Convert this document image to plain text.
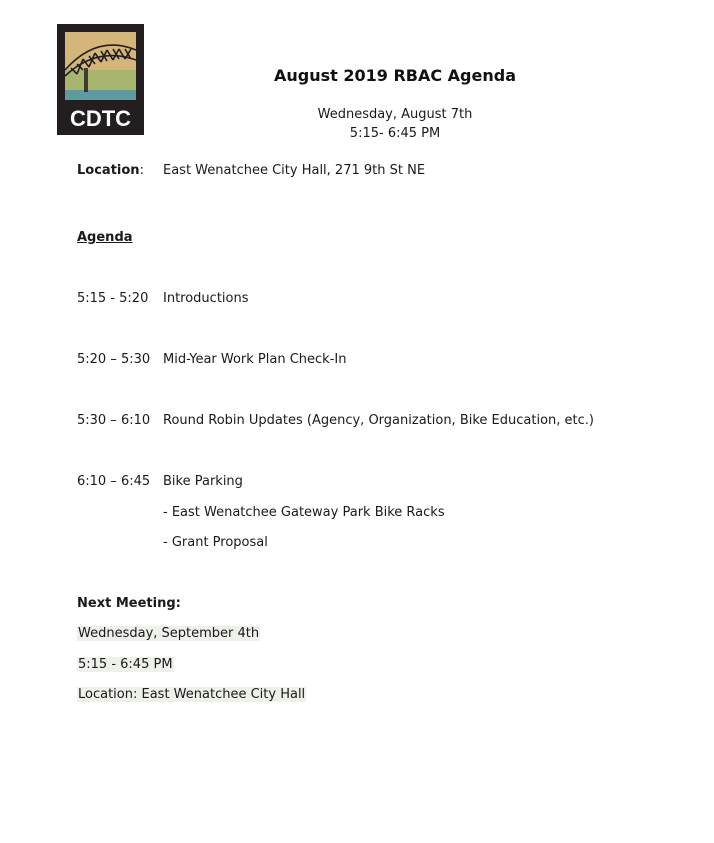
CDTC
August 2019 RBAC Agenda
Wednesday, August 7th
5:15- 6:45 PM
Location: East Wenatchee City Hall, 271 9th St NE
Agenda
5:15 - 5:20 Introductions
5:20 – 5:30 Mid-Year Work Plan Check-In
5:30 – 6:10 Round Robin Updates (Agency, Organization, Bike Education, etc.)
6:10 – 6:45 Bike Parking
- East Wenatchee Gateway Park Bike Racks
- Grant Proposal
Next Meeting:
Wednesday, September 4th
5:15 - 6:45 PM
Location: East Wenatchee City Hall
